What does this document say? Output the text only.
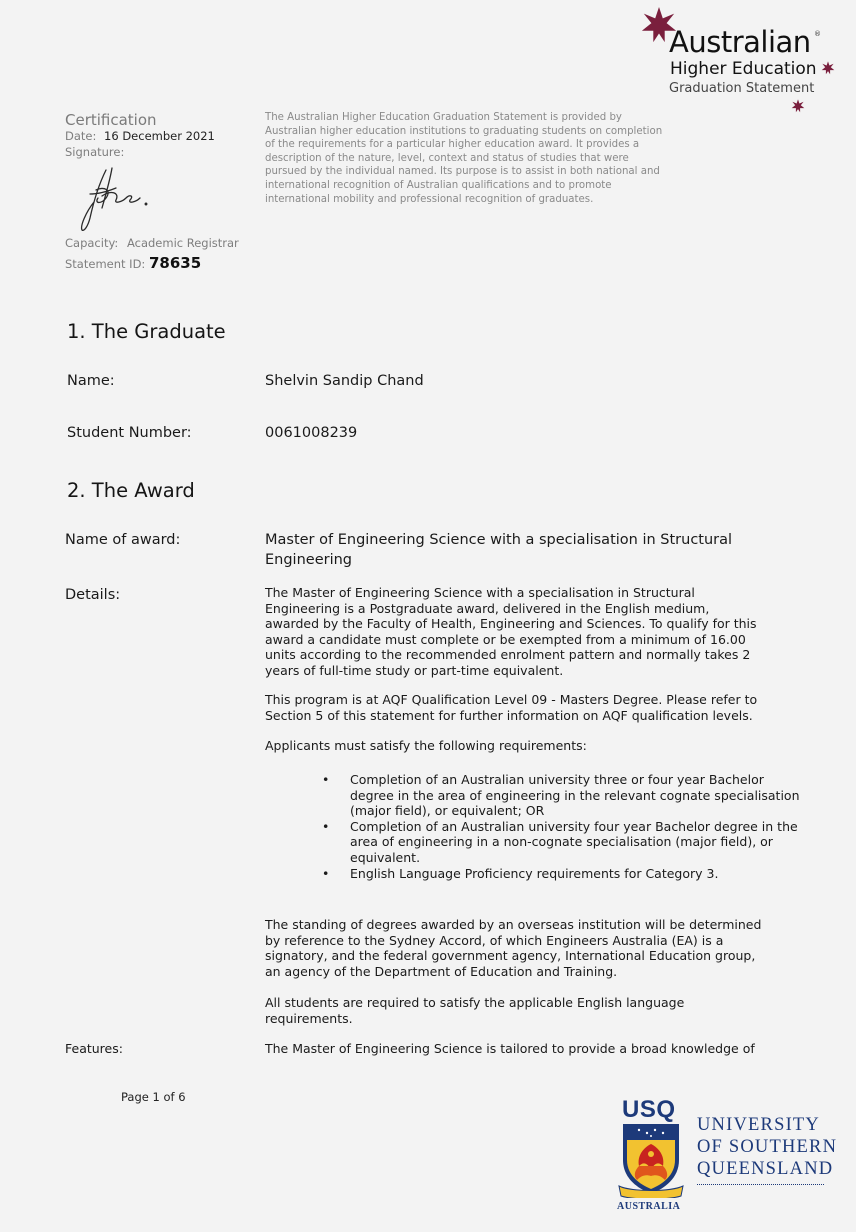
Australian ®
Higher Education
Graduation Statement
Certification
Date: 16 December 2021
Signature:
Capacity: Academic Registrar
Statement ID: 78635
The Australian Higher Education Graduation Statement is provided by Australian higher education institutions to graduating students on completion of the requirements for a particular higher education award. It provides a description of the nature, level, context and status of studies that were pursued by the individual named. Its purpose is to assist in both national and international recognition of Australian qualifications and to promote international mobility and professional recognition of graduates.
1. The Graduate
Name:	Shelvin Sandip Chand
Student Number:	0061008239
2. The Award
Name of award:	Master of Engineering Science with a specialisation in Structural Engineering
Details:	The Master of Engineering Science with a specialisation in Structural Engineering is a Postgraduate award, delivered in the English medium, awarded by the Faculty of Health, Engineering and Sciences. To qualify for this award a candidate must complete or be exempted from a minimum of 16.00 units according to the recommended enrolment pattern and normally takes 2 years of full-time study or part-time equivalent.
This program is at AQF Qualification Level 09 - Masters Degree. Please refer to Section 5 of this statement for further information on AQF qualification levels.
Applicants must satisfy the following requirements:
• Completion of an Australian university three or four year Bachelor degree in the area of engineering in the relevant cognate specialisation (major field), or equivalent; OR
• Completion of an Australian university four year Bachelor degree in the area of engineering in a non-cognate specialisation (major field), or equivalent.
• English Language Proficiency requirements for Category 3.
The standing of degrees awarded by an overseas institution will be determined by reference to the Sydney Accord, of which Engineers Australia (EA) is a signatory, and the federal government agency, International Education group, an agency of the Department of Education and Training.
All students are required to satisfy the applicable English language requirements.
Features:	The Master of Engineering Science is tailored to provide a broad knowledge of
Page 1 of 6	USQ
AUSTRALIA
UNIVERSITY
OF SOUTHERN
QUEENSLAND
